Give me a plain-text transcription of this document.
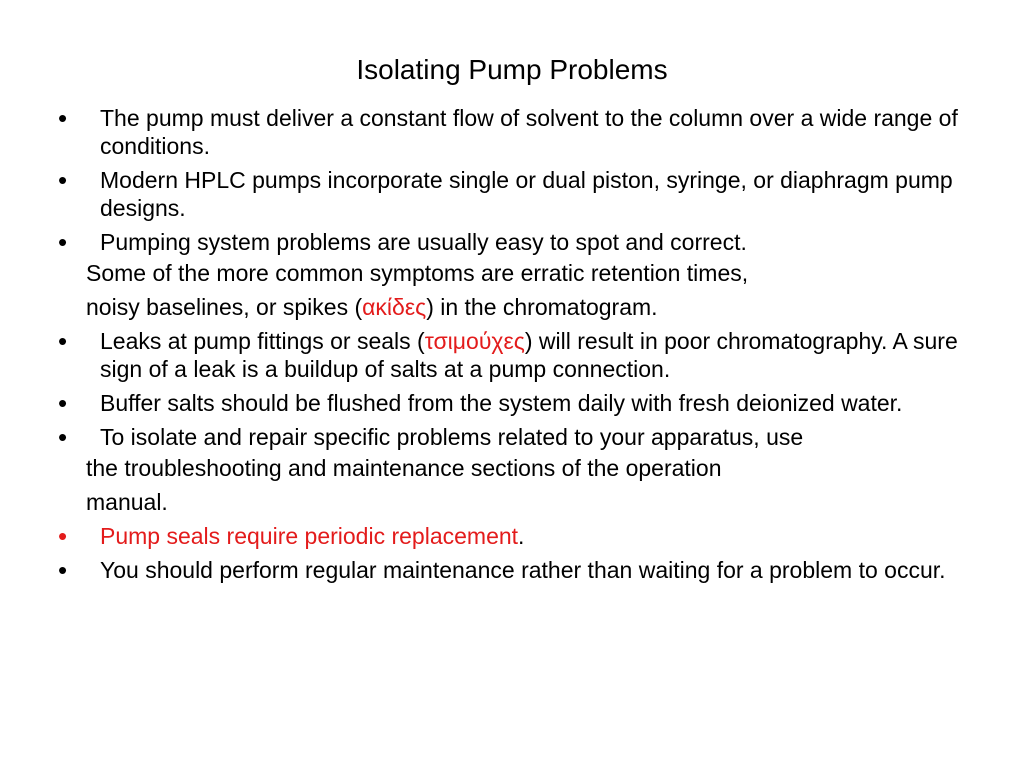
Isolating Pump Problems
•	The pump must deliver a constant flow of solvent to the column over a wide range of conditions.
•	Modern HPLC pumps incorporate single or dual piston, syringe, or diaphragm pump designs.
•	Pumping system problems are usually easy to spot and correct.
Some of the more common symptoms are erratic retention times,
noisy baselines, or spikes (ακίδες) in the chromatogram.
•	Leaks at pump fittings or seals (τσιμούχες) will result in poor chromatography. A sure sign of a leak is a buildup of salts at a pump connection.
•	Buffer salts should be flushed from the system daily with fresh deionized water.
•	To isolate and repair specific problems related to your apparatus, use
the troubleshooting and maintenance sections of the operation
manual.
•	Pump seals require periodic replacement.
•	You should perform regular maintenance rather than waiting for a problem to occur.
